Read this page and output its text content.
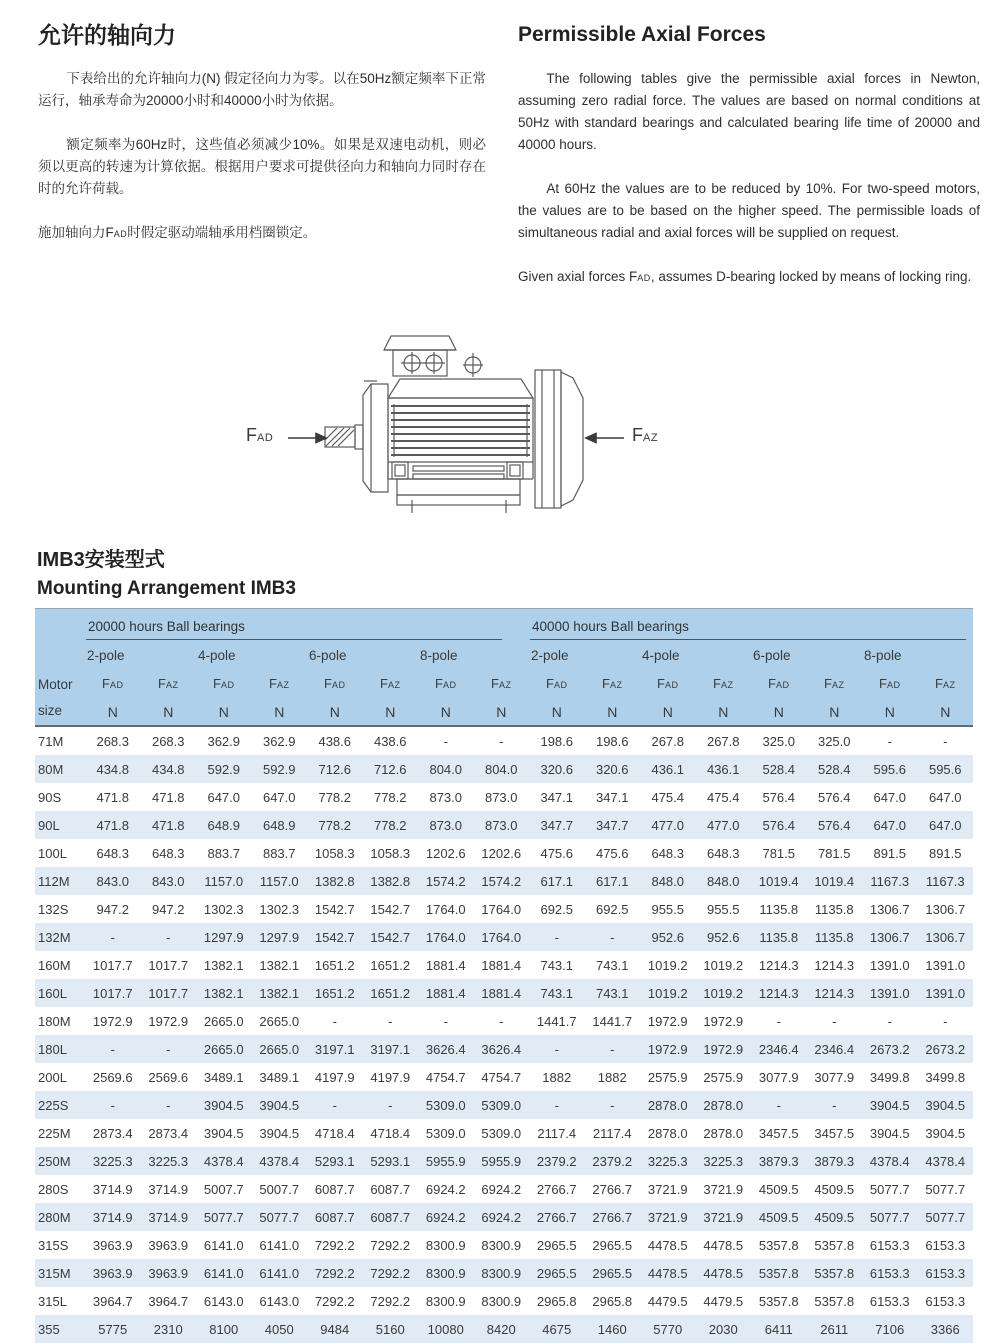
允许的轴向力

下表给出的允许轴向力(N) 假定径向力为零。以在50Hz额定频率下正常运行，轴承寿命为20000小时和40000小时为依据。

额定频率为60Hz时，这些值必须减少10%。如果是双速电动机，则必须以更高的转速为计算依据。根据用户要求可提供径向力和轴向力同时存在时的允许荷载。

施加轴向力FAD时假定驱动端轴承用档圈锁定。

Permissible Axial Forces

The following tables give the permissible axial forces in Newton, assuming zero radial force. The values are based on normal conditions at 50Hz with standard bearings and calculated bearing life time of 20000 and 40000 hours.

At 60Hz the values are to be reduced by 10%. For two-speed motors, the values are to be based on the higher speed. The permissible loads of simultaneous radial and axial forces will be supplied on request.

Given axial forces FAD, assumes D-bearing locked by means of locking ring.

FAD	FAZ
IMB3安装型式
Mounting Arrangement IMB3
Motor
size	20000 hours Ball bearings								40000 hours Ball bearings							

	2-pole		4-pole		6-pole		8-pole		2-pole		4-pole		6-pole		8-pole	
	FAD	FAZ	FAD	FAZ	FAD	FAZ	FAD	FAZ	FAD	FAZ	FAD	FAZ	FAD	FAZ	FAD	FAZ
	N	N	N	N	N	N	N	N	N	N	N	N	N	N	N	N
71M	268.3	268.3	362.9	362.9	438.6	438.6	-	-	198.6	198.6	267.8	267.8	325.0	325.0	-	-
80M	434.8	434.8	592.9	592.9	712.6	712.6	804.0	804.0	320.6	320.6	436.1	436.1	528.4	528.4	595.6	595.6
90S	471.8	471.8	647.0	647.0	778.2	778.2	873.0	873.0	347.1	347.1	475.4	475.4	576.4	576.4	647.0	647.0
90L	471.8	471.8	648.9	648.9	778.2	778.2	873.0	873.0	347.7	347.7	477.0	477.0	576.4	576.4	647.0	647.0
100L	648.3	648.3	883.7	883.7	1058.3	1058.3	1202.6	1202.6	475.6	475.6	648.3	648.3	781.5	781.5	891.5	891.5
112M	843.0	843.0	1157.0	1157.0	1382.8	1382.8	1574.2	1574.2	617.1	617.1	848.0	848.0	1019.4	1019.4	1167.3	1167.3
132S	947.2	947.2	1302.3	1302.3	1542.7	1542.7	1764.0	1764.0	692.5	692.5	955.5	955.5	1135.8	1135.8	1306.7	1306.7
132M	-	-	1297.9	1297.9	1542.7	1542.7	1764.0	1764.0	-	-	952.6	952.6	1135.8	1135.8	1306.7	1306.7
160M	1017.7	1017.7	1382.1	1382.1	1651.2	1651.2	1881.4	1881.4	743.1	743.1	1019.2	1019.2	1214.3	1214.3	1391.0	1391.0
160L	1017.7	1017.7	1382.1	1382.1	1651.2	1651.2	1881.4	1881.4	743.1	743.1	1019.2	1019.2	1214.3	1214.3	1391.0	1391.0
180M	1972.9	1972.9	2665.0	2665.0	-	-	-	-	1441.7	1441.7	1972.9	1972.9	-	-	-	-
180L	-	-	2665.0	2665.0	3197.1	3197.1	3626.4	3626.4	-	-	1972.9	1972.9	2346.4	2346.4	2673.2	2673.2
200L	2569.6	2569.6	3489.1	3489.1	4197.9	4197.9	4754.7	4754.7	1882	1882	2575.9	2575.9	3077.9	3077.9	3499.8	3499.8
225S	-	-	3904.5	3904.5	-	-	5309.0	5309.0	-	-	2878.0	2878.0	-	-	3904.5	3904.5
225M	2873.4	2873.4	3904.5	3904.5	4718.4	4718.4	5309.0	5309.0	2117.4	2117.4	2878.0	2878.0	3457.5	3457.5	3904.5	3904.5
250M	3225.3	3225.3	4378.4	4378.4	5293.1	5293.1	5955.9	5955.9	2379.2	2379.2	3225.3	3225.3	3879.3	3879.3	4378.4	4378.4
280S	3714.9	3714.9	5007.7	5007.7	6087.7	6087.7	6924.2	6924.2	2766.7	2766.7	3721.9	3721.9	4509.5	4509.5	5077.7	5077.7
280M	3714.9	3714.9	5077.7	5077.7	6087.7	6087.7	6924.2	6924.2	2766.7	2766.7	3721.9	3721.9	4509.5	4509.5	5077.7	5077.7
315S	3963.9	3963.9	6141.0	6141.0	7292.2	7292.2	8300.9	8300.9	2965.5	2965.5	4478.5	4478.5	5357.8	5357.8	6153.3	6153.3
315M	3963.9	3963.9	6141.0	6141.0	7292.2	7292.2	8300.9	8300.9	2965.5	2965.5	4478.5	4478.5	5357.8	5357.8	6153.3	6153.3
315L	3964.7	3964.7	6143.0	6143.0	7292.2	7292.2	8300.9	8300.9	2965.8	2965.8	4479.5	4479.5	5357.8	5357.8	6153.3	6153.3
355	5775	2310	8100	4050	9484	5160	10080	8420	4675	1460	5770	2030	6411	2611	7106	3366
